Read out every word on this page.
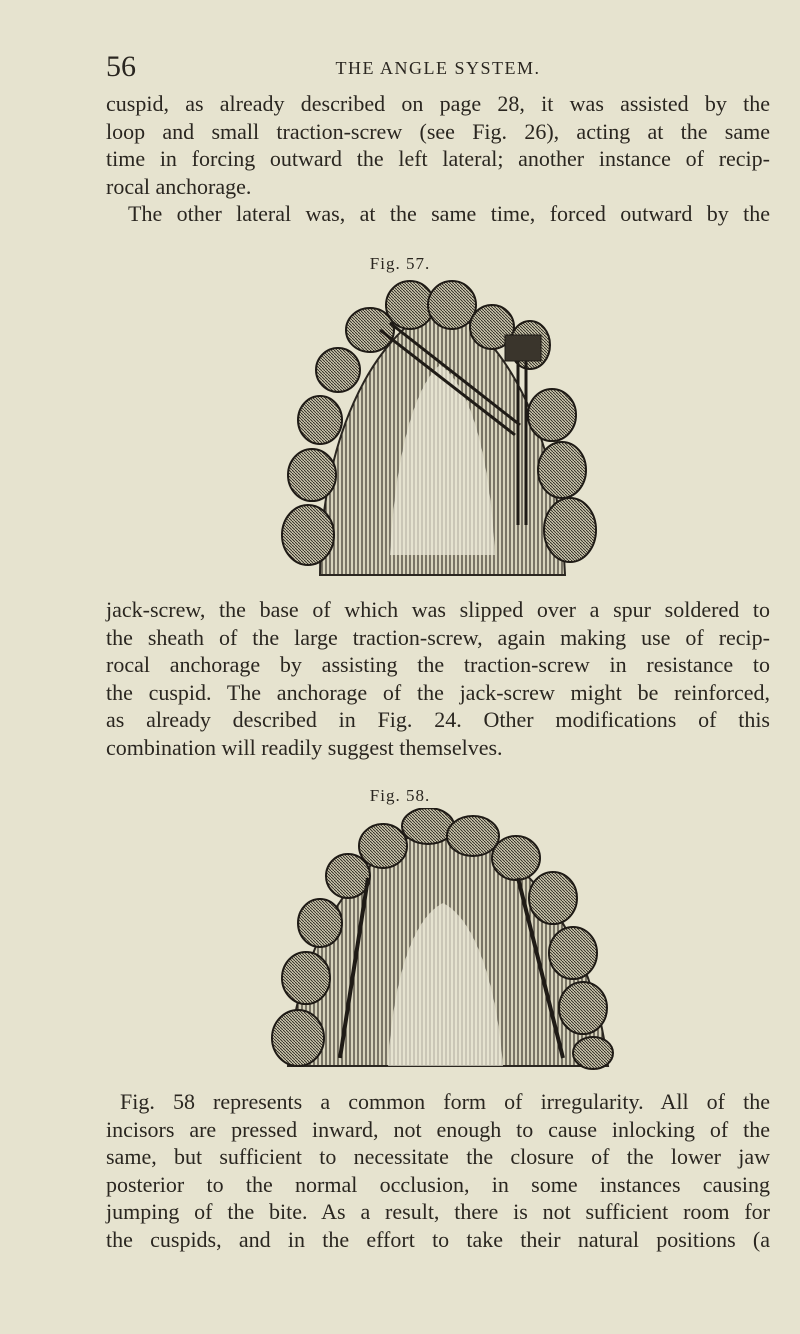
56	THE ANGLE SYSTEM.
cuspid, as already described on page 28, it was assisted by the
loop and small traction-screw (see Fig. 26), acting at the same
time in forcing outward the left lateral; another instance of recip-
rocal anchorage.
The other lateral was, at the same time, forced outward by the
Fig. 57.
jack-screw, the base of which was slipped over a spur soldered to
the sheath of the large traction-screw, again making use of recip-
rocal anchorage by assisting the traction-screw in resistance to
the cuspid. The anchorage of the jack-screw might be reinforced,
as already described in Fig. 24. Other modifications of this
combination will readily suggest themselves.
Fig. 58.
Fig. 58 represents a common form of irregularity. All of the
incisors are pressed inward, not enough to cause inlocking of the
same, but sufficient to necessitate the closure of the lower jaw
posterior to the normal occlusion, in some instances causing
jumping of the bite. As a result, there is not sufficient room for
the cuspids, and in the effort to take their natural positions (a
